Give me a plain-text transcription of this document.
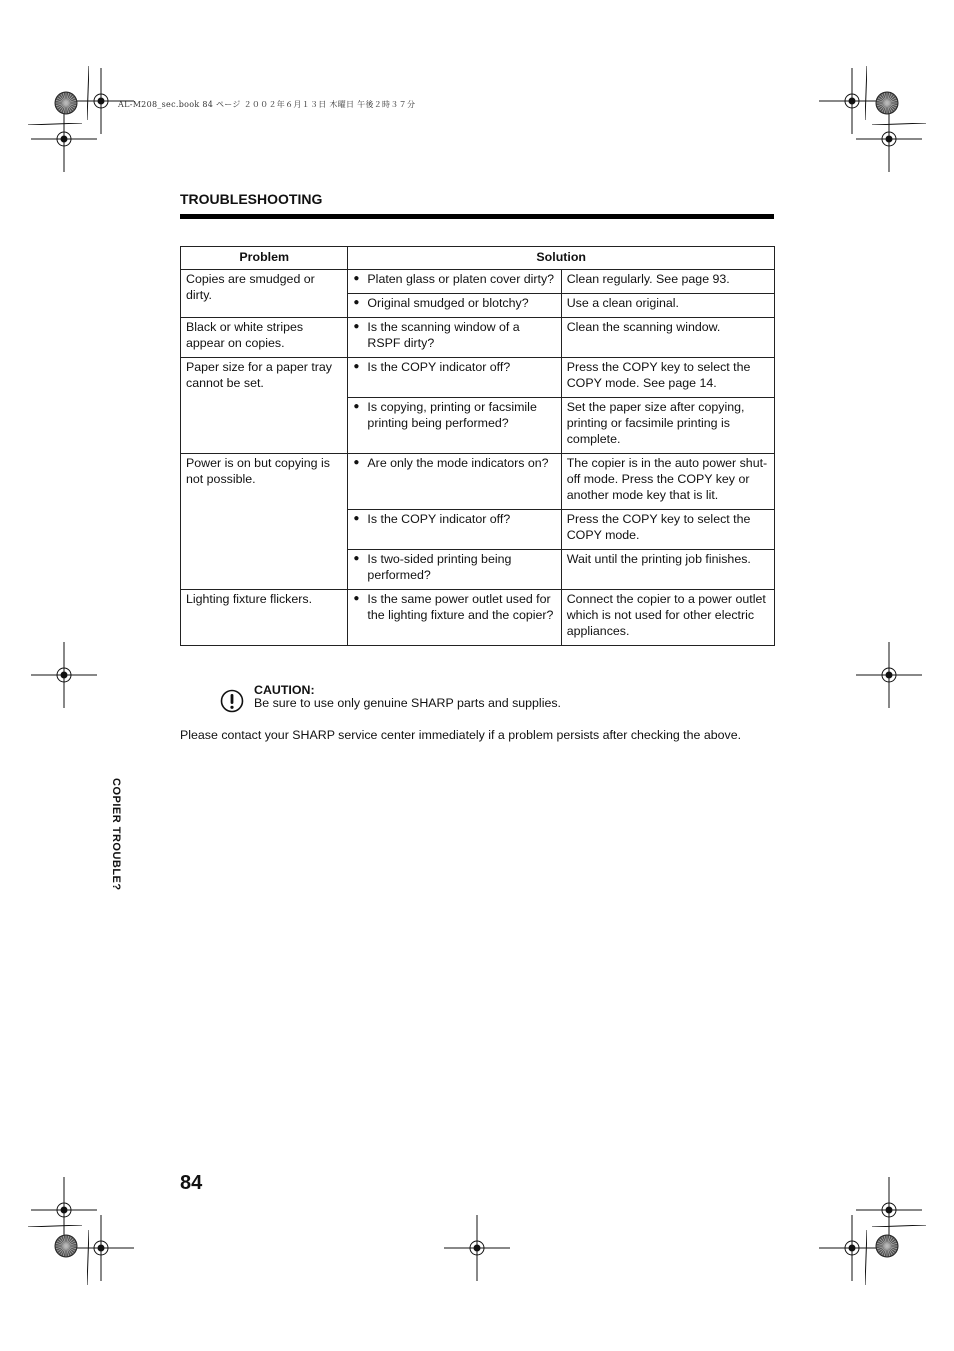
AL-M208_sec.book 84 ページ ２００２年６月１３日 木曜日 午後２時３７分
TROUBLESHOOTING
Problem	Solution	
Copies are smudged or dirty.	● Platen glass or platen cover dirty?	Clean regularly. See page 93.

	● Original smudged or blotchy?	Use a clean original.
Black or white stripes appear on copies.	● Is the scanning window of a RSPF dirty?	Clean the scanning window.
Paper size for a paper tray cannot be set.	● Is the COPY indicator off?	Press the COPY key to select the COPY mode. See page 14.

	● Is copying, printing or facsimile printing being performed?	Set the paper size after copying, printing or facsimile printing is complete.
Power is on but copying is not possible.	● Are only the mode indicators on?	The copier is in the auto power shut-off mode. Press the COPY key or another mode key that is lit.

	● Is the COPY indicator off?	Press the COPY key to select the COPY mode.

	● Is two-sided printing being performed?	Wait until the printing job finishes.
Lighting fixture flickers.	● Is the same power outlet used for the lighting fixture and the copier?	Connect the copier to a power outlet which is not used for other electric appliances.
CAUTION:
Be sure to use only genuine SHARP parts and supplies.
Please contact your SHARP service center immediately if a problem persists after checking the above.
COPIER TROUBLE?
84
